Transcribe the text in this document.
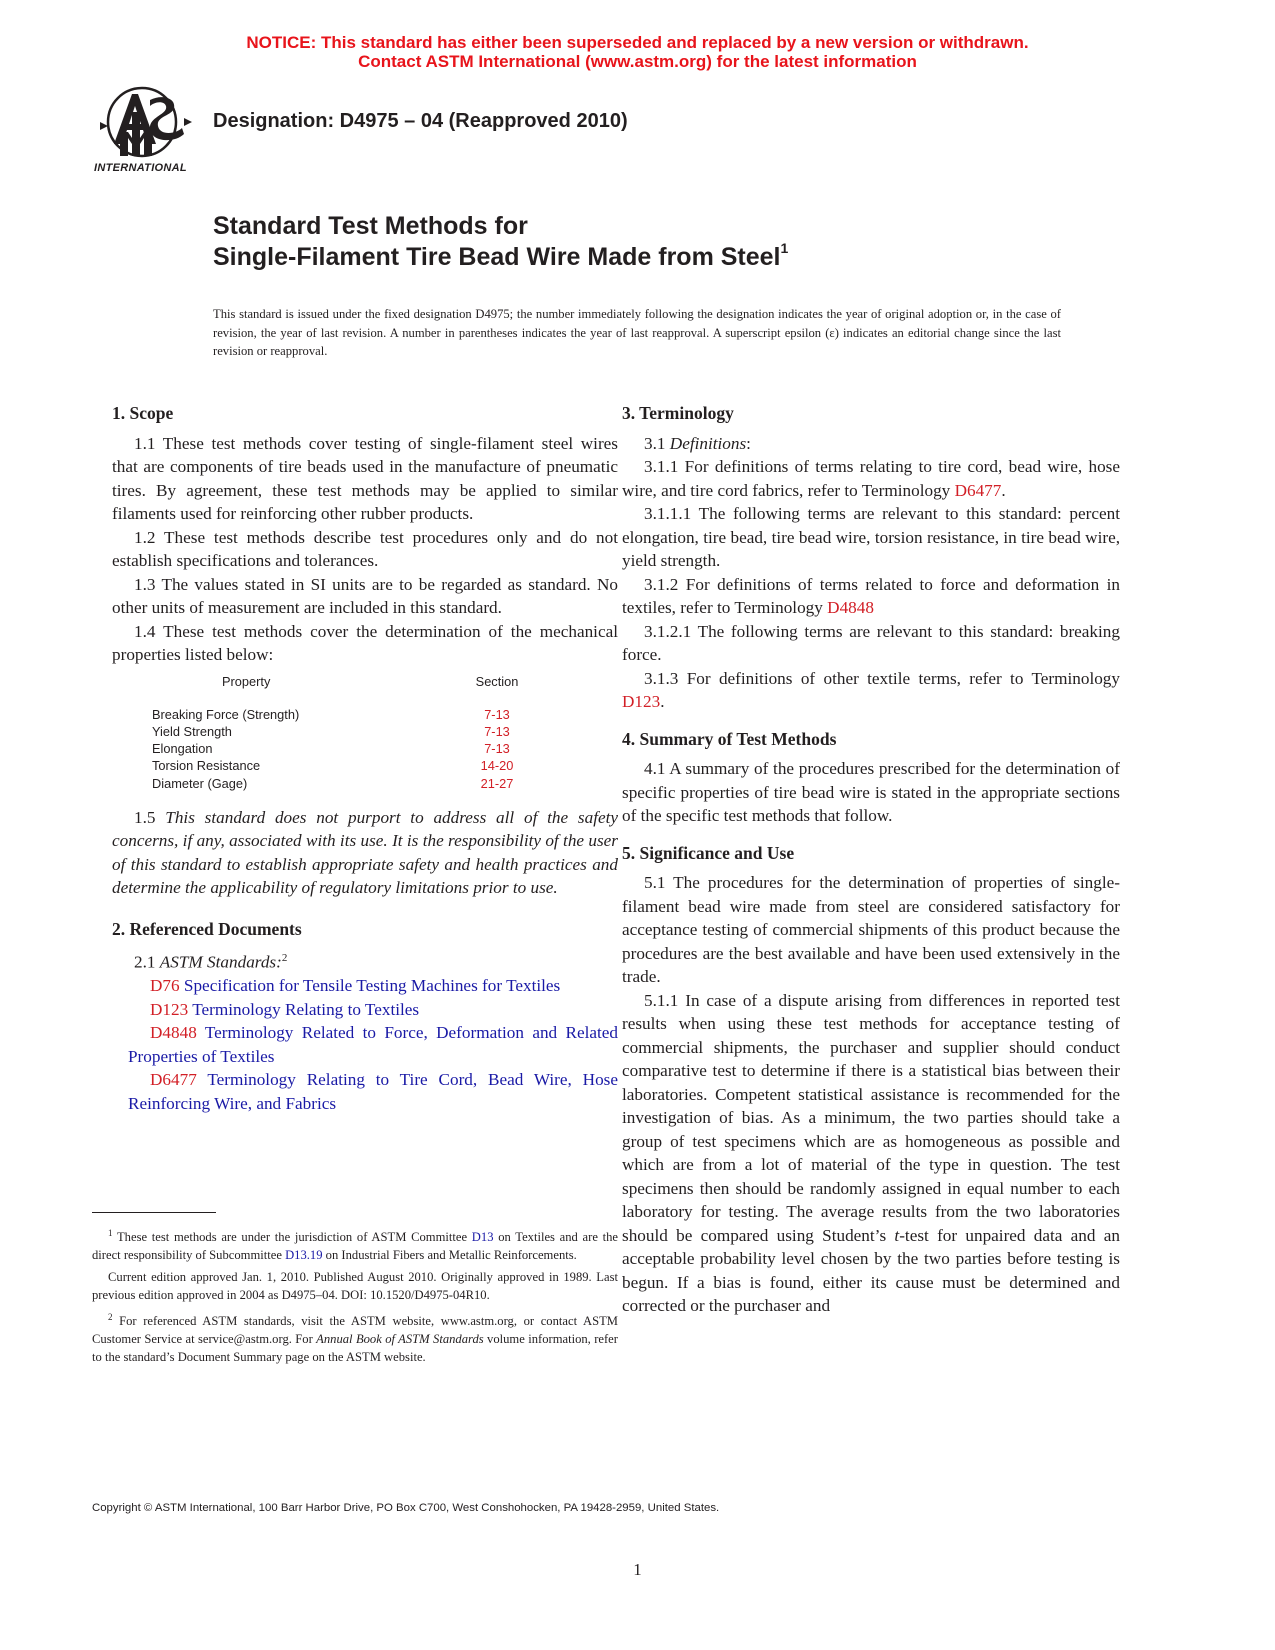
NOTICE: This standard has either been superseded and replaced by a new version or withdrawn.
Contact ASTM International (www.astm.org) for the latest information
INTERNATIONAL
Designation: D4975 – 04 (Reapproved 2010)
Standard Test Methods for
Single-Filament Tire Bead Wire Made from Steel$^1$
This standard is issued under the fixed designation D4975; the number immediately following the designation indicates the year of original adoption or, in the case of revision, the year of last revision. A number in parentheses indicates the year of last reapproval. A superscript epsilon (ε) indicates an editorial change since the last revision or reapproval.
1. Scope

1.1 These test methods cover testing of single-filament steel wires that are components of tire beads used in the manufacture of pneumatic tires. By agreement, these test methods may be applied to similar filaments used for reinforcing other rubber products.

1.2 These test methods describe test procedures only and do not establish specifications and tolerances.

1.3 The values stated in SI units are to be regarded as standard. No other units of measurement are included in this standard.

1.4 These test methods cover the determination of the mechanical properties listed below:

Property	Section
Breaking Force (Strength)	7-13
Yield Strength	7-13
Elongation	7-13
Torsion Resistance	14-20
Diameter (Gage)	21-27

1.5 This standard does not purport to address all of the safety concerns, if any, associated with its use. It is the responsibility of the user of this standard to establish appropriate safety and health practices and determine the applicability of regulatory limitations prior to use.

2. Referenced Documents

2.1 ASTM Standards:$^2$

D76 Specification for Tensile Testing Machines for Textiles

D123 Terminology Relating to Textiles

D4848 Terminology Related to Force, Deformation and Related Properties of Textiles

D6477 Terminology Relating to Tire Cord, Bead Wire, Hose Reinforcing Wire, and Fabrics

3. Terminology

3.1 Definitions:

3.1.1 For definitions of terms relating to tire cord, bead wire, hose wire, and tire cord fabrics, refer to Terminology D6477.

3.1.1.1 The following terms are relevant to this standard: percent elongation, tire bead, tire bead wire, torsion resistance, in tire bead wire, yield strength.

3.1.2 For definitions of terms related to force and deformation in textiles, refer to Terminology D4848

3.1.2.1 The following terms are relevant to this standard: breaking force.

3.1.3 For definitions of other textile terms, refer to Terminology D123.

4. Summary of Test Methods

4.1 A summary of the procedures prescribed for the determination of specific properties of tire bead wire is stated in the appropriate sections of the specific test methods that follow.

5. Significance and Use

5.1 The procedures for the determination of properties of single-filament bead wire made from steel are considered satisfactory for acceptance testing of commercial shipments of this product because the procedures are the best available and have been used extensively in the trade.

5.1.1 In case of a dispute arising from differences in reported test results when using these test methods for acceptance testing of commercial shipments, the purchaser and supplier should conduct comparative test to determine if there is a statistical bias between their laboratories. Competent statistical assistance is recommended for the investigation of bias. As a minimum, the two parties should take a group of test specimens which are as homogeneous as possible and which are from a lot of material of the type in question. The test specimens then should be randomly assigned in equal number to each laboratory for testing. The average results from the two laboratories should be compared using Student’s t-test for unpaired data and an acceptable probability level chosen by the two parties before testing is begun. If a bias is found, either its cause must be determined and corrected or the purchaser and

$^1$ These test methods are under the jurisdiction of ASTM Committee D13 on Textiles and are the direct responsibility of Subcommittee D13.19 on Industrial Fibers and Metallic Reinforcements.

Current edition approved Jan. 1, 2010. Published August 2010. Originally approved in 1989. Last previous edition approved in 2004 as D4975–04. DOI: 10.1520/D4975-04R10.

$^2$ For referenced ASTM standards, visit the ASTM website, www.astm.org, or contact ASTM Customer Service at service@astm.org. For Annual Book of ASTM Standards volume information, refer to the standard’s Document Summary page on the ASTM website.

Copyright © ASTM International, 100 Barr Harbor Drive, PO Box C700, West Conshohocken, PA 19428-2959, United States.
1
